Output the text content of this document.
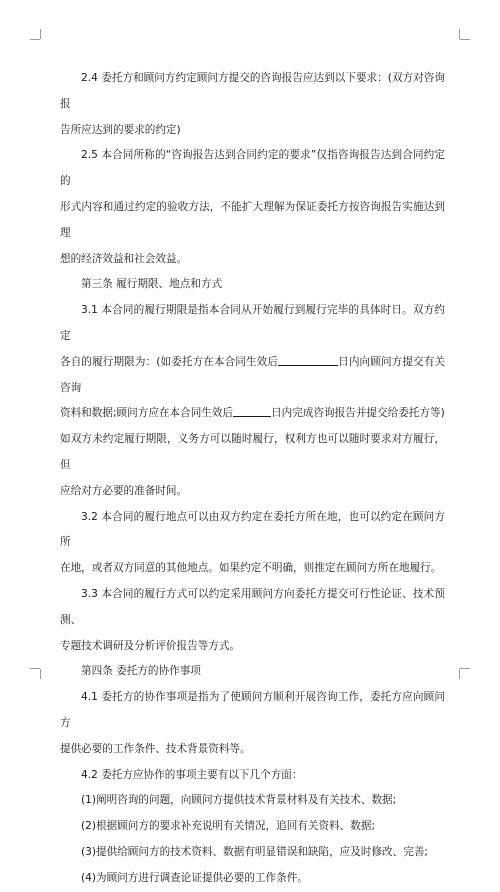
2.4 委托方和顾问方约定顾问方提交的咨询报告应达到以下要求：(双方对咨询报

告所应达到的要求的约定)

2.5 本合同所称的“咨询报告达到合同约定的要求”仅指咨询报告达到合同约定的

形式内容和通过约定的验收方法，不能扩大理解为保证委托方按咨询报告实施达到理

想的经济效益和社会效益。

第三条 履行期限、地点和方式

3.1 本合同的履行期限是指本合同从开始履行到履行完毕的具体时日。双方约定

各自的履行期限为：(如委托方在本合同生效后	日内向顾问方提交有关咨询

资料和数据;顾问方应在本合同生效后	日内完成咨询报告并提交给委托方等)

如双方未约定履行期限，义务方可以随时履行，权利方也可以随时要求对方履行，但

应给对方必要的准备时间。

3.2 本合同的履行地点可以由双方约定在委托方所在地，也可以约定在顾问方所

在地，或者双方同意的其他地点。如果约定不明确，则推定在顾问方所在地履行。

3.3 本合同的履行方式可以约定采用顾问方向委托方提交可行性论证、技术预测、

专题技术调研及分析评价报告等方式。

第四条 委托方的协作事项

4.1 委托方的协作事项是指为了使顾问方顺利开展咨询工作，委托方应向顾问方

提供必要的工作条件、技术背景资料等。

4.2 委托方应协作的事项主要有以下几个方面：

(1)阐明咨询的问题，向顾问方提供技术背景材料及有关技术、数据;

(2)根据顾问方的要求补充说明有关情况，追回有关资料、数据;

(3)提供给顾问方的技术资料、数据有明显错误和缺陷，应及时修改、完善;

(4)为顾问方进行调查论证提供必要的工作条件。
